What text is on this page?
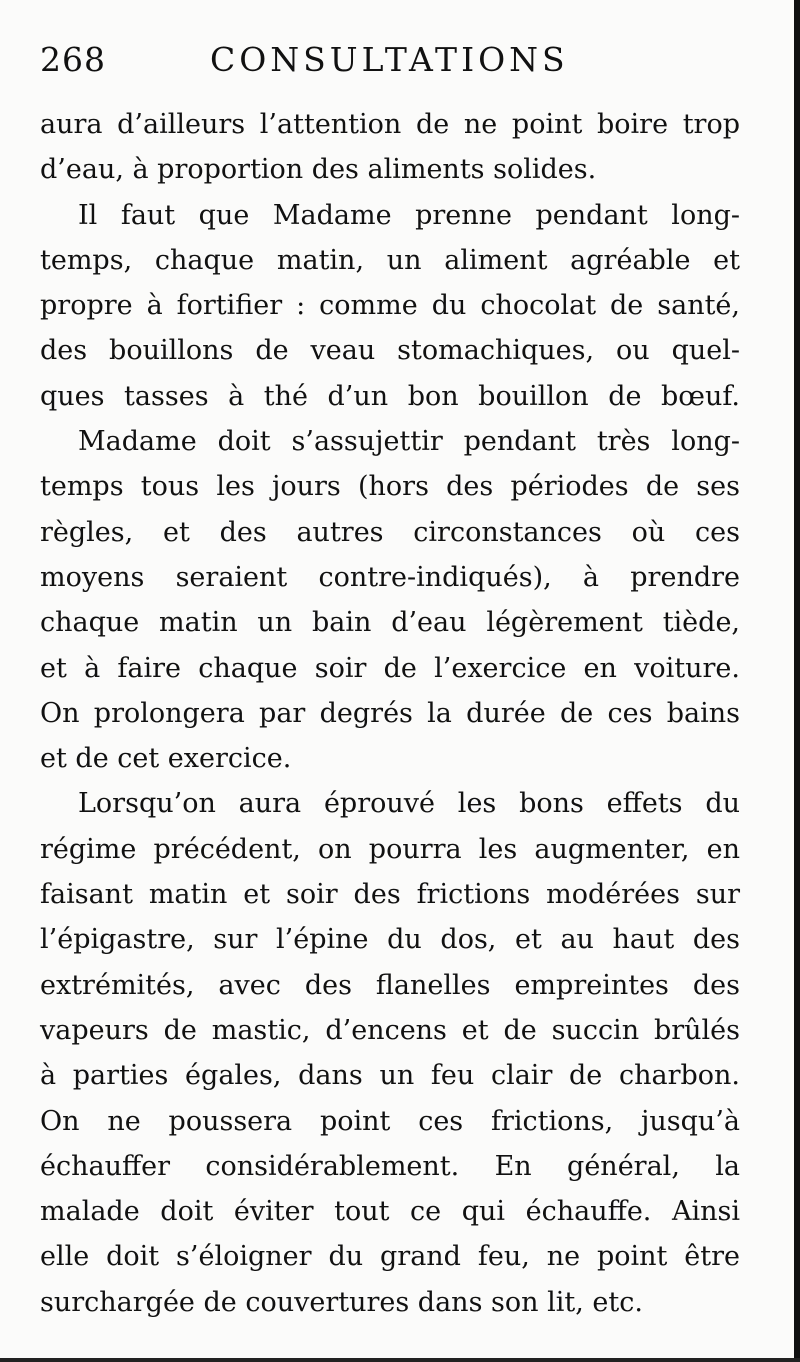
268	CONSULTATIONS
aura d’ailleurs l’attention de ne point boire trop
d’eau, à proportion des aliments solides.
Il faut que Madame prenne pendant long-
temps, chaque matin, un aliment agréable et
propre à fortifier : comme du chocolat de santé,
des bouillons de veau stomachiques, ou quel-
ques tasses à thé d’un bon bouillon de bœuf.
Madame doit s’assujettir pendant très long-
temps tous les jours (hors des périodes de ses
règles, et des autres circonstances où ces
moyens seraient contre-indiqués), à prendre
chaque matin un bain d’eau légèrement tiède,
et à faire chaque soir de l’exercice en voiture.
On prolongera par degrés la durée de ces bains
et de cet exercice.
Lorsqu’on aura éprouvé les bons effets du
régime précédent, on pourra les augmenter, en
faisant matin et soir des frictions modérées sur
l’épigastre, sur l’épine du dos, et au haut des
extrémités, avec des flanelles empreintes des
vapeurs de mastic, d’encens et de succin brûlés
à parties égales, dans un feu clair de charbon.
On ne poussera point ces frictions, jusqu’à
échauffer considérablement. En général, la
malade doit éviter tout ce qui échauffe. Ainsi
elle doit s’éloigner du grand feu, ne point être
surchargée de couvertures dans son lit, etc.
